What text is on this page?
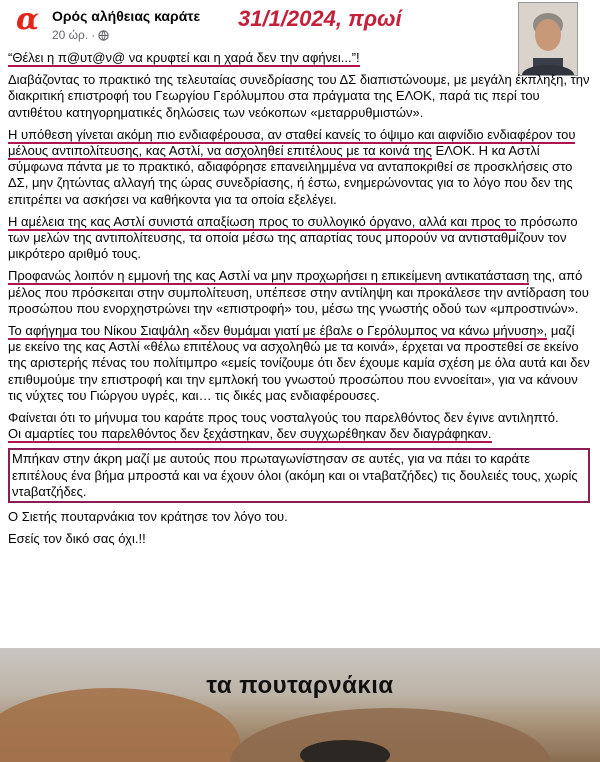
α Ορός αλήθειας καράτε
20 ώρ. ·
31/1/2024, πρωί

“Θέλει η π@υτ@ν@ να κρυφτεί και η χαρά δεν την αφήνει...”!

Διαβάζοντας το πρακτικό της τελευταίας συνεδρίασης του ΔΣ διαπιστώνουμε, με μεγάλη έκπληξη, την διακριτική επιστροφή του Γεωργίου Γερόλυμπου στα πράγματα της ΕΛΟΚ, παρά τις περί του αντιθέτου κατηγορηματικές δηλώσεις των νεόκοπων «μεταρρυθμιστών».

Η υπόθεση γίνεται ακόμη πιο ενδιαφέρουσα, αν σταθεί κανείς το όψιμο και αιφνίδιο ενδιαφέρον του μέλους αντιπολίτευσης, κας Αστλί, να ασχοληθεί επιτέλους με τα κοινά της ΕΛΟΚ. Η κα Αστλί σύμφωνα πάντα με το πρακτικό, αδιαφόρησε επανειλημμένα να ανταποκριθεί σε προσκλήσεις στο ΔΣ, μην ζητώντας αλλαγή της ώρας συνεδρίασης, ή έστω, ενημερώνοντας για το λόγο που δεν της επιτρέπει να ασκήσει να καθήκοντα για τα οποία εξελέγει.

Η αμέλεια της κας Αστλί συνιστά απαξίωση προς το συλλογικό όργανο, αλλά και προς το πρόσωπο των μελών της αντιπολίτευσης, τα οποία μέσω της απαρτίας τους μπορούν να αντισταθμίζουν τον μικρότερο αριθμό τους.

Προφανώς λοιπόν η εμμονή της κας Αστλί να μην προχωρήσει η επικείμενη αντικατάσταση της, από μέλος που πρόσκειται στην συμπολίτευση, υπέπεσε στην αντίληψη και προκάλεσε την αντίδραση του προσώπου που ενορχηστρώνει την «επιστροφή» του, μέσω της γνωστής οδού των «μπροστινών».

Το αφήγημα του Νίκου Σιαψάλη «δεν θυμάμαι γιατί με έβαλε ο Γερόλυμπος να κάνω μήνυση», μαζί με εκείνο της κας Αστλί «θέλω επιτέλους να ασχοληθώ με τα κοινά», έρχεται να προστεθεί σε εκείνο της αριστερής πένας του πολίτιμπρο «εμείς τονίζουμε ότι δεν έχουμε καμία σχέση με όλα αυτά και δεν επιθυμούμε την επιστροφή και την εμπλοκή του γνωστού προσώπου που εννοείται», για να κάνουν τις νύχτες του Γιώργου υγρές, και… τις δικές μας ενδιαφέρουσες.

Φαίνεται ότι το μήνυμα του καράτε προς τους νοσταλγούς του παρελθόντος δεν έγινε αντιληπτό.
Οι αμαρτίες του παρελθόντος δεν ξεχάστηκαν, δεν συγχωρέθηκαν δεν διαγράφηκαν.

Μπήκαν στην άκρη μαζί με αυτούς που πρωταγωνίστησαν σε αυτές, για να πάει το καράτε επιτέλους ένα βήμα μπροστά και να έχουν όλοι (ακόμη και οι ντaβατζήδες) τις δουλειές τους, χωρίς ντaβατζήδες.

Ο Σιετής πουταρνάκια τον κράτησε τον λόγο του.

Εσείς τον δικό σας όχι.!!

τα πουταρνάκια
